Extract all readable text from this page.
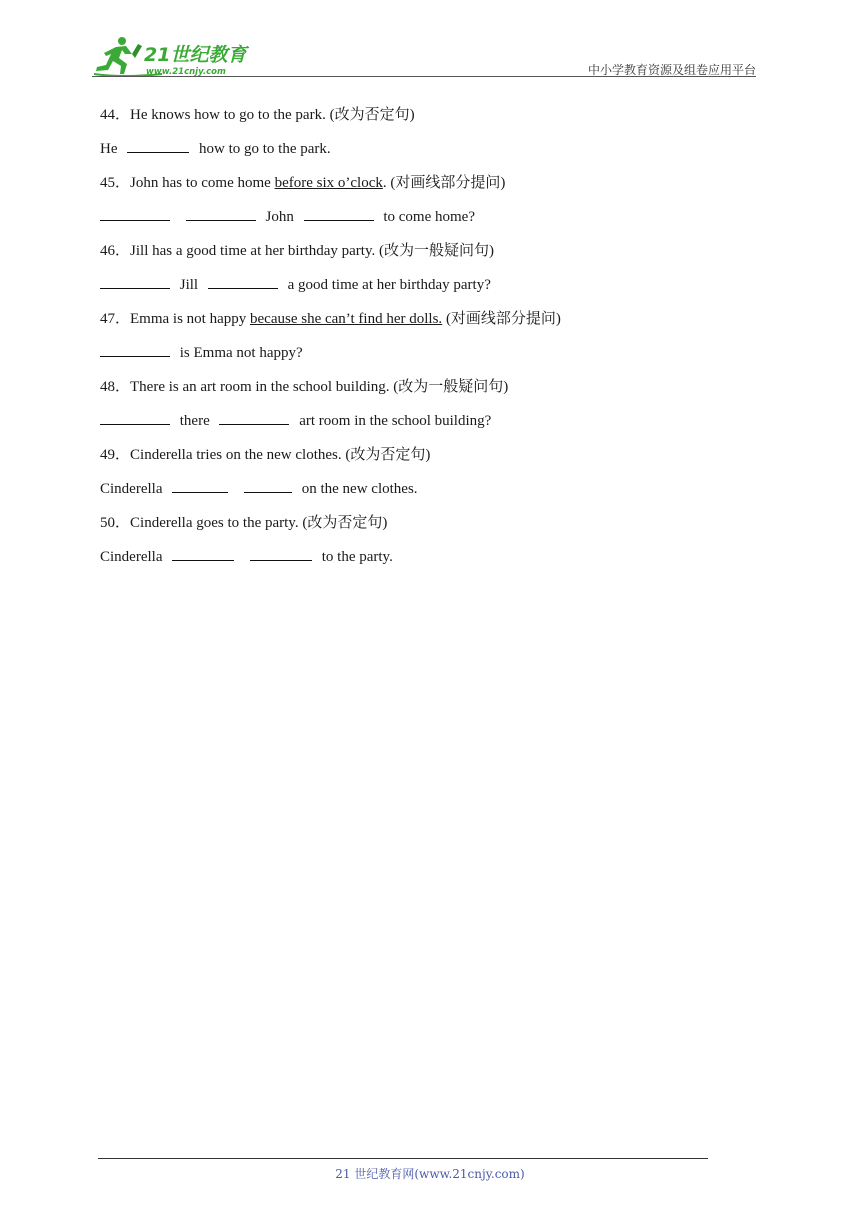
21世纪教育
www.21cnjy.com	中小学教育资源及组卷应用平台
44．He knows how to go to the park. (改为否定句)
He	how to go to the park.
45．John has to come home before six o’clock. (对画线部分提问)
John	to come home?
46．Jill has a good time at her birthday party. (改为一般疑问句)
Jill	a good time at her birthday party?
47．Emma is not happy because she can’t find her dolls. (对画线部分提问)
is Emma not happy?
48．There is an art room in the school building. (改为一般疑问句)
there	art room in the school building?
49．Cinderella tries on the new clothes. (改为否定句)
Cinderella	on the new clothes.
50．Cinderella goes to the party. (改为否定句)
Cinderella	to the party.
21 世纪教育网(www.21cnjy.com)
